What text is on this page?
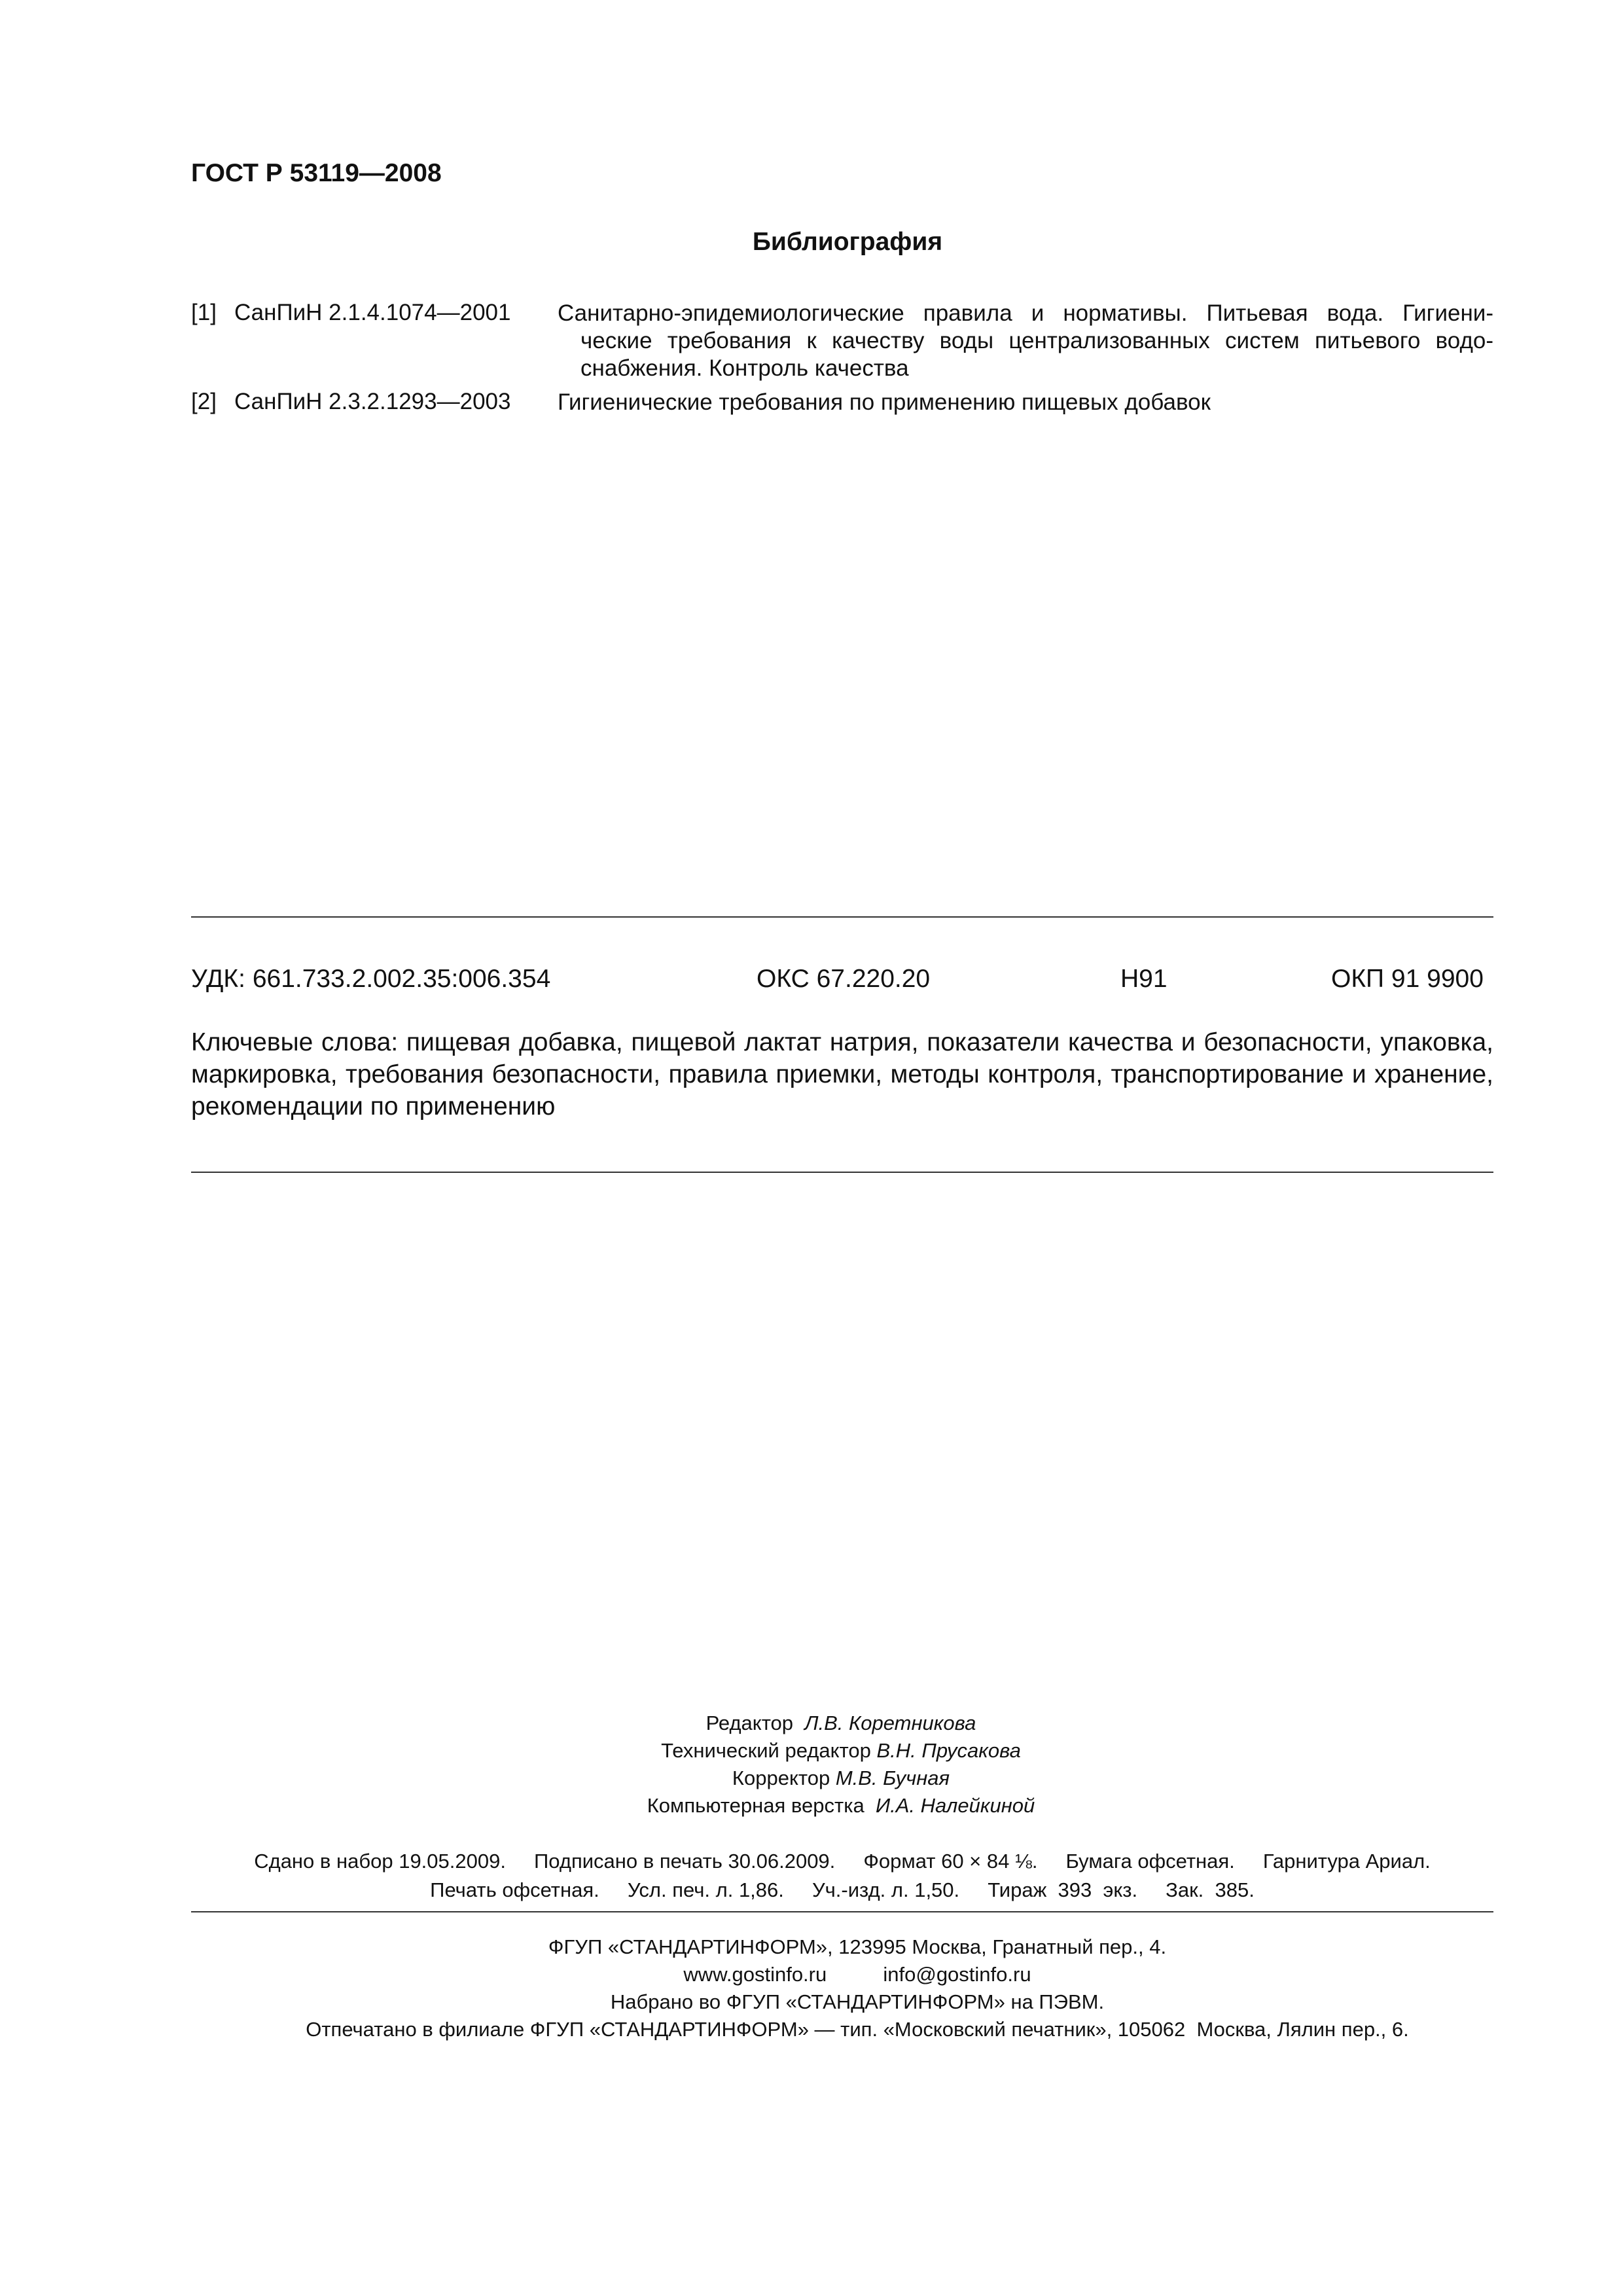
ГОСТ Р 53119—2008
Библиография
[1] СанПиН 2.1.4.1074—2001 Санитарно-эпидемиологические правила и нормативы. Питьевая вода. Гигиени-
ческие требования к качеству воды централизованных систем питьевого водо-
снабжения. Контроль качества
[2] СанПиН 2.3.2.1293—2003 Гигиенические требования по применению пищевых добавок
УДК: 661.733.2.002.35:006.354	ОКС 67.220.20	Н91	ОКП 91 9900
Ключевые слова: пищевая добавка, пищевой лактат натрия, показатели качества и безопасности, упаковка, маркировка, требования безопасности, правила приемки, методы контроля, транспортирование и хранение, рекомендации по применению
Редактор Л.В. Коретникова
Технический редактор В.Н. Прусакова
Корректор М.В. Бучная
Компьютерная верстка И.А. Налейкиной
Сдано в набор 19.05.2009.     Подписано в печать 30.06.2009.     Формат 60 × 84 ⅛.     Бумага офсетная.     Гарнитура Ариал.
Печать офсетная.     Усл. печ. л. 1,86.     Уч.-изд. л. 1,50.     Тираж  393  экз.     Зак.  385.
ФГУП «СТАНДАРТИНФОРМ», 123995 Москва, Гранатный пер., 4.
www.gostinfo.ru          info@gostinfo.ru
Набрано во ФГУП «СТАНДАРТИНФОРМ» на ПЭВМ.
Отпечатано в филиале ФГУП «СТАНДАРТИНФОРМ» — тип. «Московский печатник», 105062  Москва, Лялин пер., 6.
